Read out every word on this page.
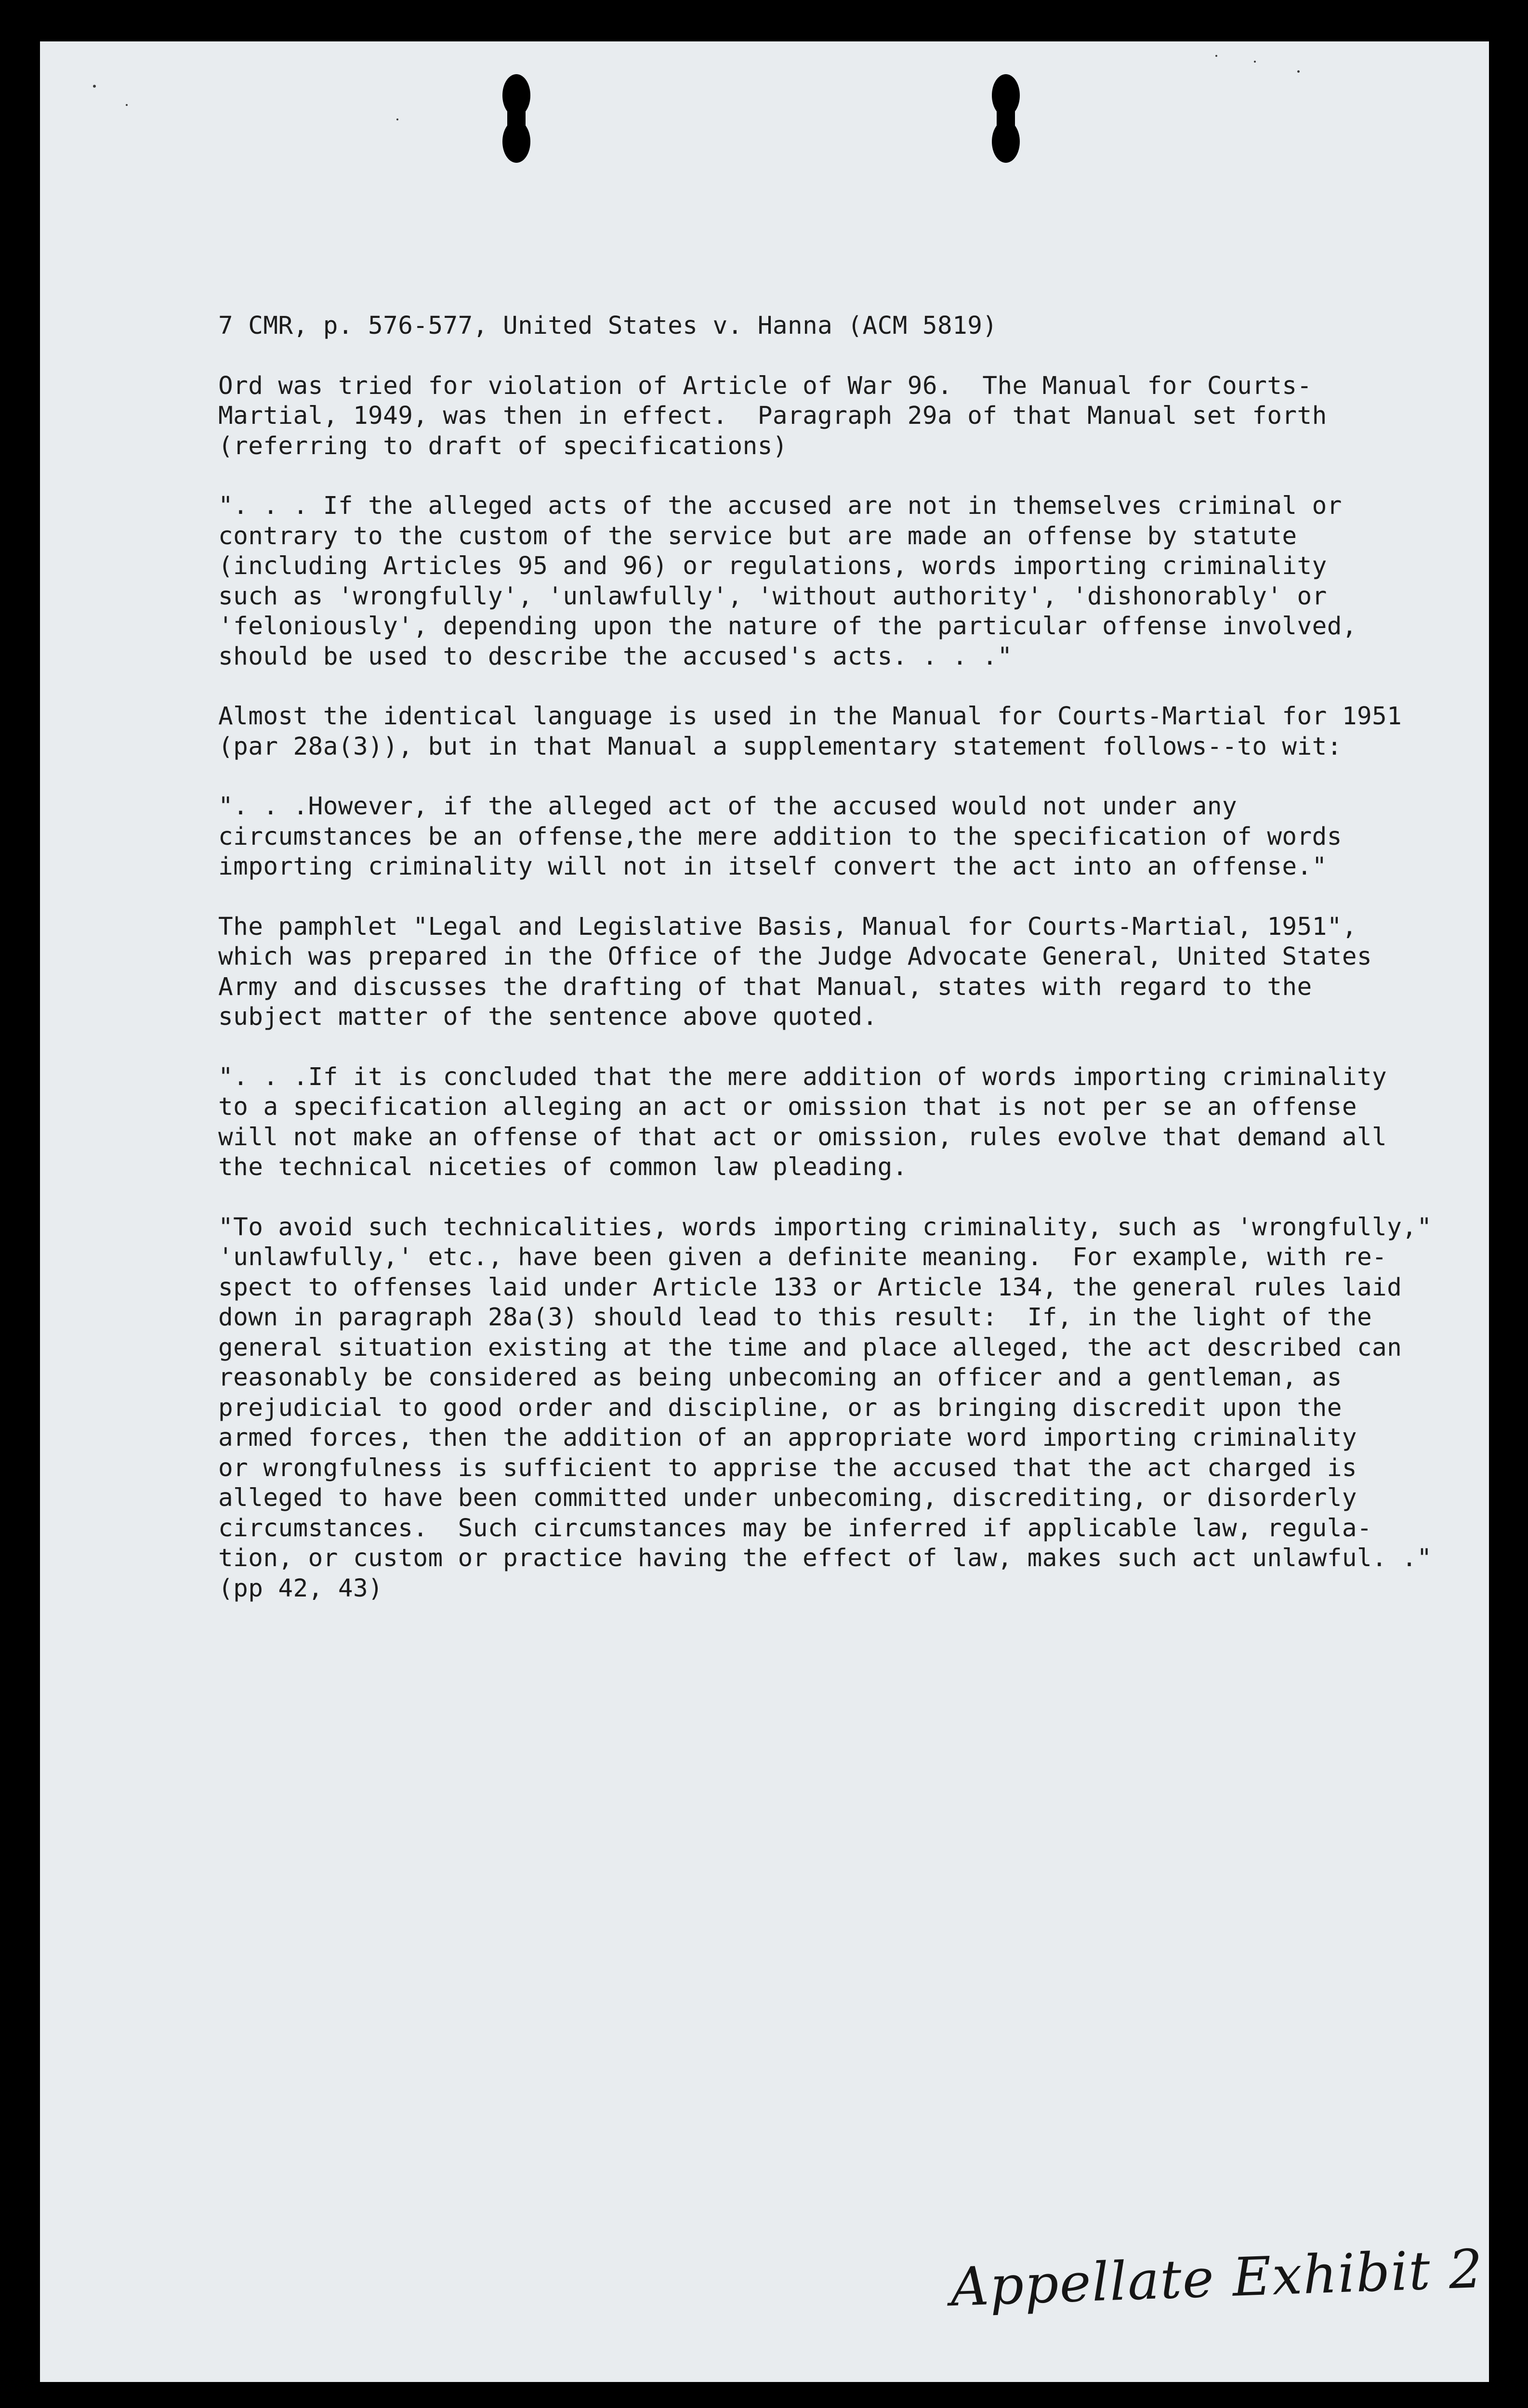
7 CMR, p. 576-577, United States v. Hanna (ACM 5819)

Ord was tried for violation of Article of War 96.  The Manual for Courts-
Martial, 1949, was then in effect.  Paragraph 29a of that Manual set forth
(referring to draft of specifications)

". . . If the alleged acts of the accused are not in themselves criminal or
contrary to the custom of the service but are made an offense by statute
(including Articles 95 and 96) or regulations, words importing criminality
such as 'wrongfully', 'unlawfully', 'without authority', 'dishonorably' or
'feloniously', depending upon the nature of the particular offense involved,
should be used to describe the accused's acts. . . ."

Almost the identical language is used in the Manual for Courts-Martial for 1951
(par 28a(3)), but in that Manual a supplementary statement follows--to wit:

". . .However, if the alleged act of the accused would not under any
circumstances be an offense,the mere addition to the specification of words
importing criminality will not in itself convert the act into an offense."

The pamphlet "Legal and Legislative Basis, Manual for Courts-Martial, 1951",
which was prepared in the Office of the Judge Advocate General, United States
Army and discusses the drafting of that Manual, states with regard to the
subject matter of the sentence above quoted.

". . .If it is concluded that the mere addition of words importing criminality
to a specification alleging an act or omission that is not per se an offense
will not make an offense of that act or omission, rules evolve that demand all
the technical niceties of common law pleading.

"To avoid such technicalities, words importing criminality, such as 'wrongfully,"
'unlawfully,' etc., have been given a definite meaning.  For example, with re-
spect to offenses laid under Article 133 or Article 134, the general rules laid
down in paragraph 28a(3) should lead to this result:  If, in the light of the
general situation existing at the time and place alleged, the act described can
reasonably be considered as being unbecoming an officer and a gentleman, as
prejudicial to good order and discipline, or as bringing discredit upon the
armed forces, then the addition of an appropriate word importing criminality
or wrongfulness is sufficient to apprise the accused that the act charged is
alleged to have been committed under unbecoming, discrediting, or disorderly
circumstances.  Such circumstances may be inferred if applicable law, regula-
tion, or custom or practice having the effect of law, makes such act unlawful. ."
(pp 42, 43)

Appellate Exhibit 2
